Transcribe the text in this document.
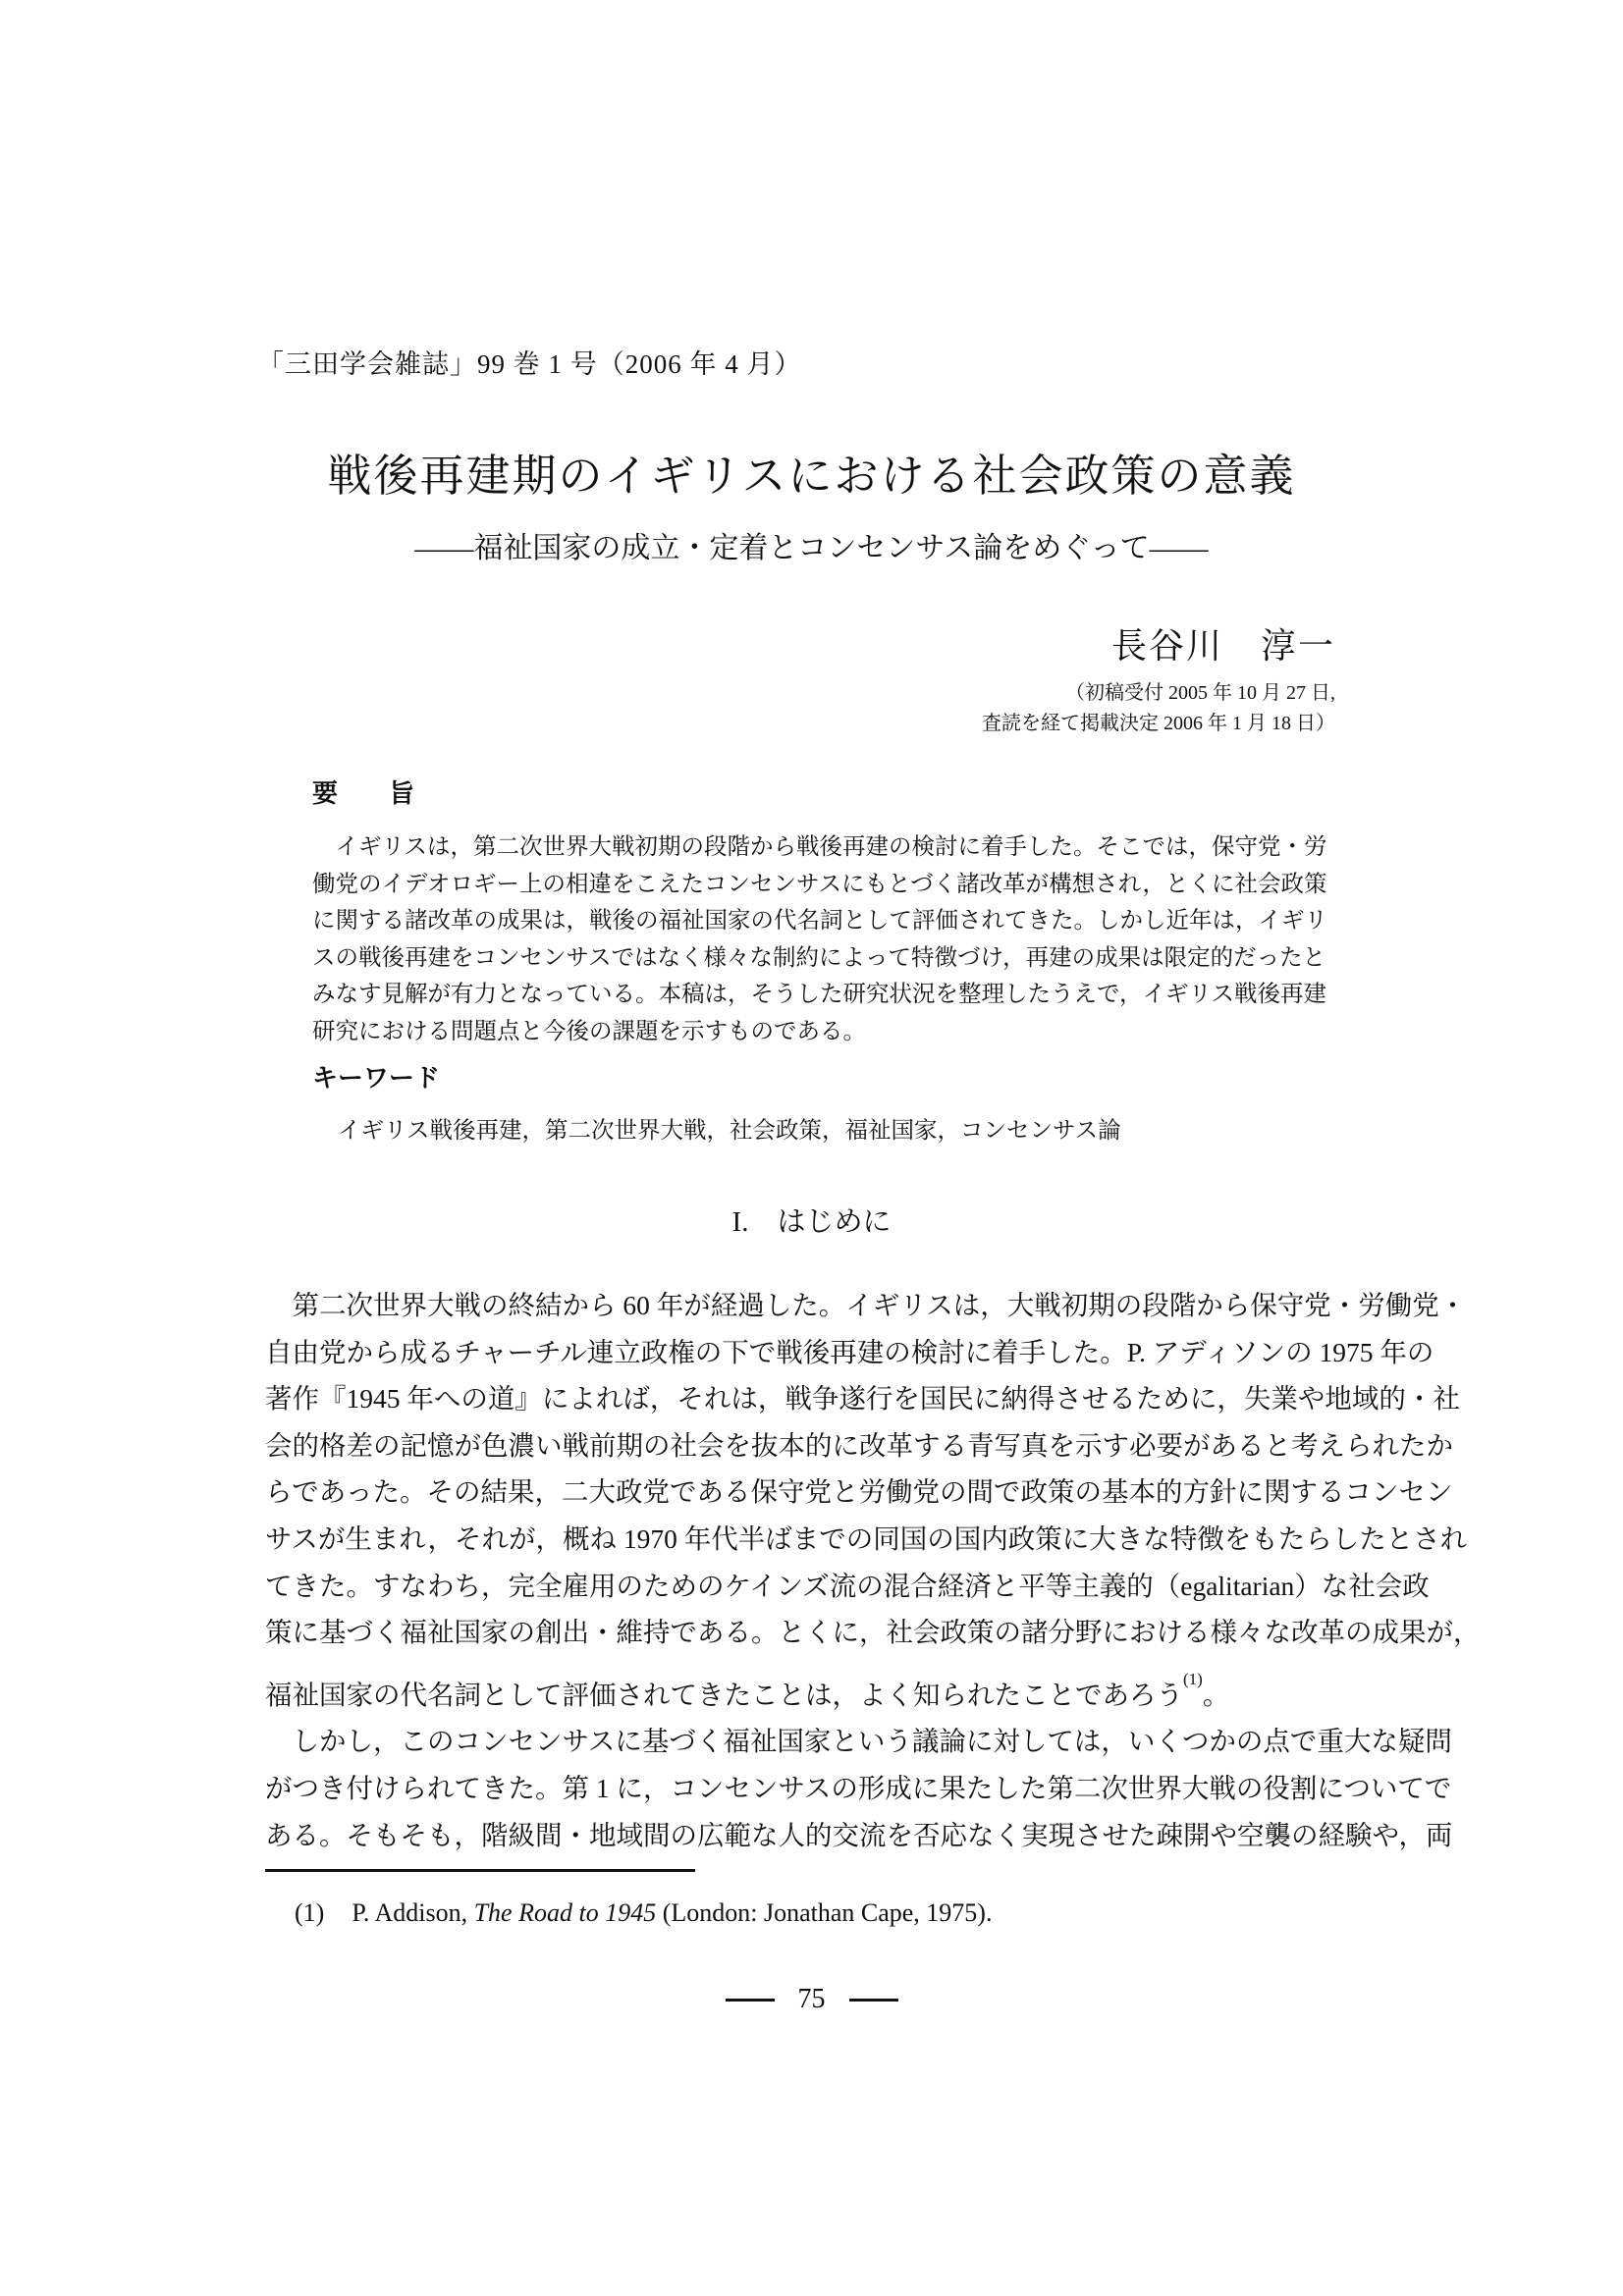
「三田学会雑誌」99 巻 1 号（2006 年 4 月）
戦後再建期のイギリスにおける社会政策の意義
――福祉国家の成立・定着とコンセンサス論をめぐって――
長谷川　淳一
（初稿受付 2005 年 10 月 27 日,
査読を経て掲載決定 2006 年 1 月 18 日）
要　　旨
　イギリスは，第二次世界大戦初期の段階から戦後再建の検討に着手した。そこでは，保守党・労
働党のイデオロギー上の相違をこえたコンセンサスにもとづく諸改革が構想され，とくに社会政策
に関する諸改革の成果は，戦後の福祉国家の代名詞として評価されてきた。しかし近年は，イギリ
スの戦後再建をコンセンサスではなく様々な制約によって特徴づけ，再建の成果は限定的だったと
みなす見解が有力となっている。本稿は，そうした研究状況を整理したうえで，イギリス戦後再建
研究における問題点と今後の課題を示すものである。
キーワード
イギリス戦後再建，第二次世界大戦，社会政策，福祉国家，コンセンサス論
I.　はじめに
　第二次世界大戦の終結から 60 年が経過した。イギリスは，大戦初期の段階から保守党・労働党・
自由党から成るチャーチル連立政権の下で戦後再建の検討に着手した。P. アディソンの 1975 年の
著作『1945 年への道』によれば，それは，戦争遂行を国民に納得させるために，失業や地域的・社
会的格差の記憶が色濃い戦前期の社会を抜本的に改革する青写真を示す必要があると考えられたか
らであった。その結果，二大政党である保守党と労働党の間で政策の基本的方針に関するコンセン
サスが生まれ，それが，概ね 1970 年代半ばまでの同国の国内政策に大きな特徴をもたらしたとされ
てきた。すなわち，完全雇用のためのケインズ流の混合経済と平等主義的（egalitarian）な社会政
策に基づく福祉国家の創出・維持である。とくに，社会政策の諸分野における様々な改革の成果が，
福祉国家の代名詞として評価されてきたことは，よく知られたことであろう$^{(1)}$。
　しかし，このコンセンサスに基づく福祉国家という議論に対しては，いくつかの点で重大な疑問
がつき付けられてきた。第 1 に，コンセンサスの形成に果たした第二次世界大戦の役割についてで
ある。そもそも，階級間・地域間の広範な人的交流を否応なく実現させた疎開や空襲の経験や，両
(1) P. Addison, The Road to 1945 (London: Jonathan Cape, 1975).
75
